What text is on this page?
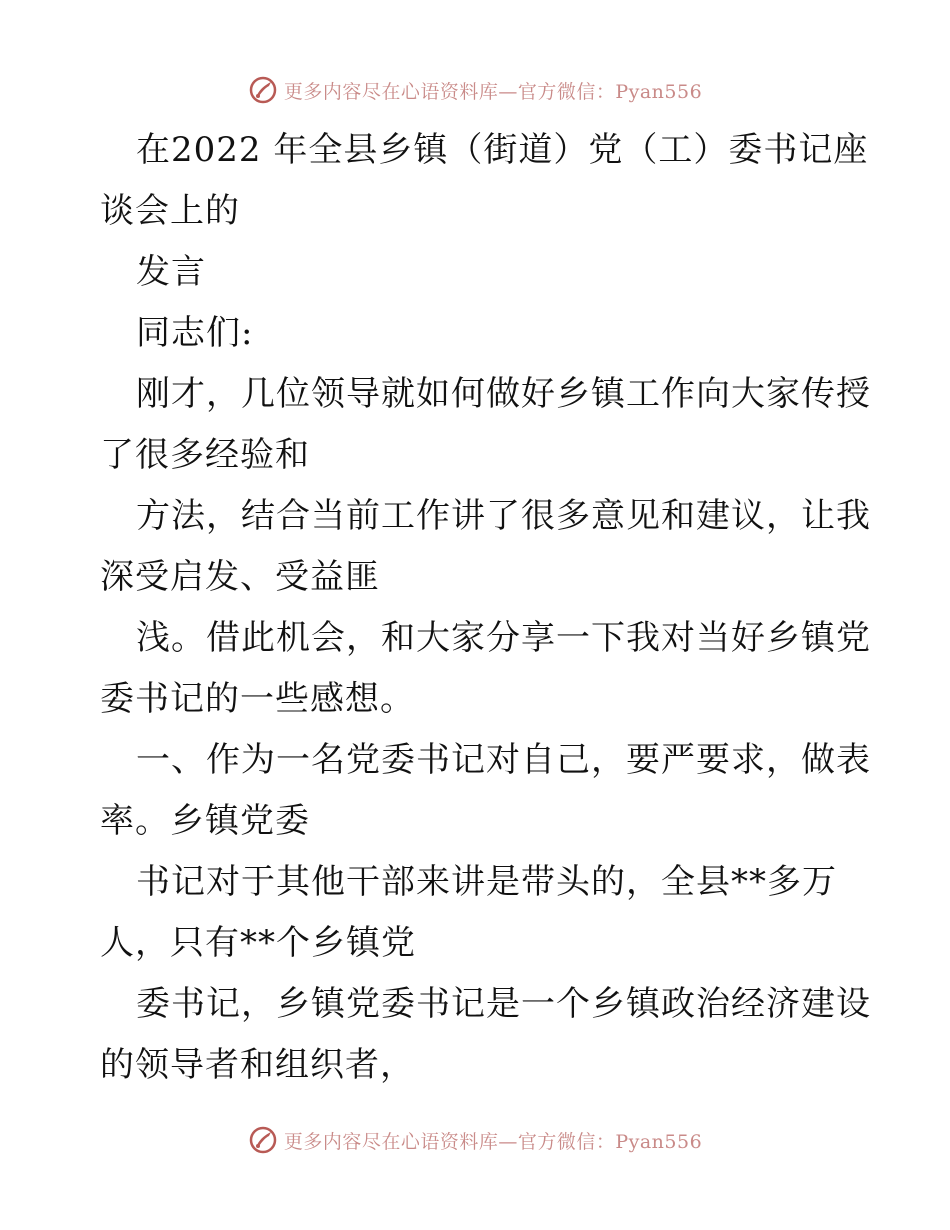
更多内容尽在心语资料库—官方微信：Pyan556
在2022 年全县乡镇（街道）党（工）委书记座
谈会上的
发言
同志们:
刚才，几位领导就如何做好乡镇工作向大家传授
了很多经验和
方法，结合当前工作讲了很多意见和建议，让我
深受启发、受益匪
浅。借此机会，和大家分享一下我对当好乡镇党
委书记的一些感想。
一、作为一名党委书记对自己，要严要求，做表
率。乡镇党委
书记对于其他干部来讲是带头的，全县**多万
人，只有**个乡镇党
委书记，乡镇党委书记是一个乡镇政治经济建设
的领导者和组织者，
更多内容尽在心语资料库—官方微信：Pyan556
